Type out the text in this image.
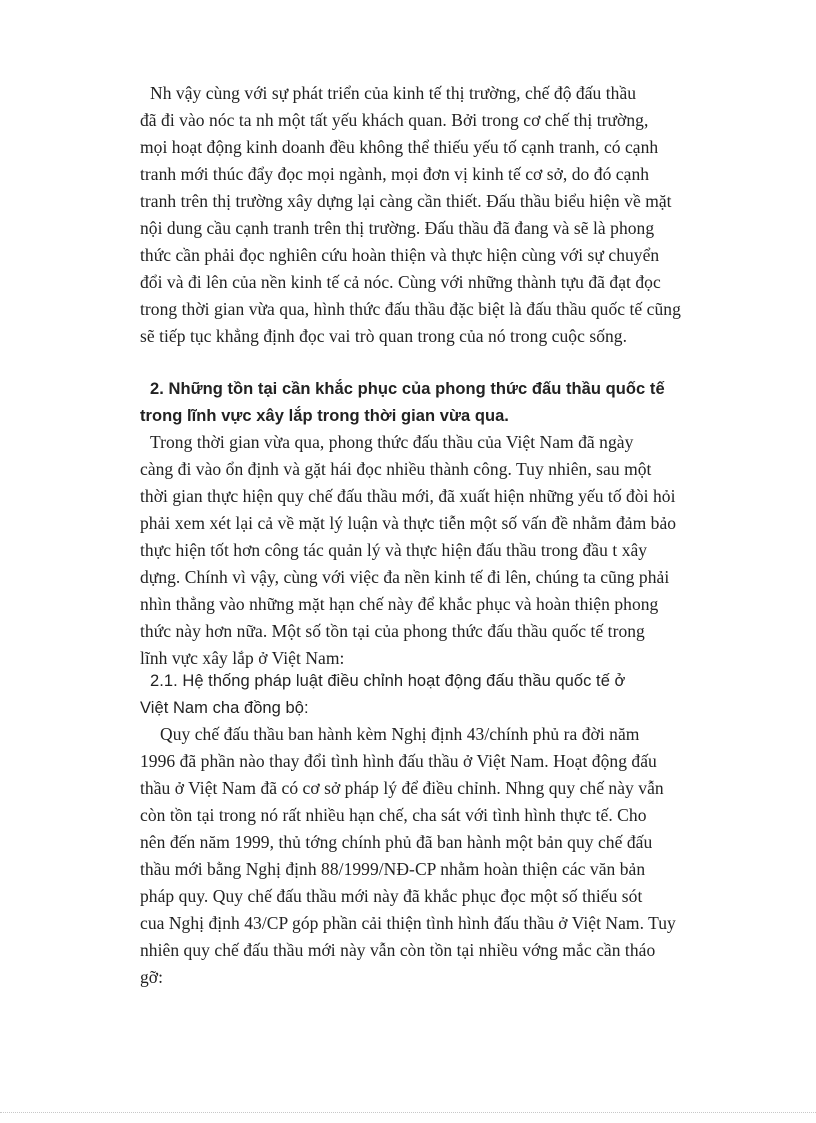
Nh vậy cùng với sự phát triển của kinh tế thị trường, chế độ đấu thầu
đã đi vào nóc ta nh một tất yếu khách quan. Bởi trong cơ chế thị trường,
mọi hoạt động kinh doanh đều không thể thiếu yếu tố cạnh tranh, có cạnh
tranh mới thúc đẩy đọc mọi ngành, mọi đơn vị kinh tế cơ sở, do đó cạnh
tranh trên thị trường xây dựng lại càng cần thiết. Đấu thầu biểu hiện về mặt
nội dung cầu cạnh tranh trên thị trường. Đấu thầu đã đang và sẽ là phong
thức cần phải đọc nghiên cứu hoàn thiện và thực hiện cùng với sự chuyển
đổi và đi lên của nền kinh tế cả nóc. Cùng với những thành tựu đã đạt đọc
trong thời gian vừa qua, hình thức đấu thầu đặc biệt là đấu thầu quốc tế cũng
sẽ tiếp tục khẳng định đọc vai trò quan trong của nó trong cuộc sống.
2. Những tồn tại cần khắc phục của phong thức đấu thầu quốc tế
trong lĩnh vực xây lắp trong thời gian vừa qua.
Trong thời gian vừa qua, phong thức đấu thầu của Việt Nam đã ngày
càng đi vào ổn định và gặt hái đọc nhiều thành công. Tuy nhiên, sau một
thời gian thực hiện quy chế đấu thầu mới, đã xuất hiện những yếu tố đòi hỏi
phải xem xét lại cả về mặt lý luận và thực tiễn một số vấn đề nhằm đảm bảo
thực hiện tốt hơn công tác quản lý và thực hiện đấu thầu trong đầu t xây
dựng. Chính vì vậy, cùng với việc đa nền kinh tế đi lên, chúng ta cũng phải
nhìn thẳng vào những mặt hạn chế này để khắc phục và hoàn thiện phong
thức này hơn nữa. Một số tồn tại của phong thức đấu thầu quốc tế trong
lĩnh vực xây lắp ở Việt Nam:
2.1. Hệ thống pháp luật điều chỉnh hoạt động đấu thầu quốc tế ở
Việt Nam cha đồng bộ:
Quy chế đấu thầu ban hành kèm Nghị định 43/chính phủ ra đời năm
1996 đã phần nào thay đổi tình hình đấu thầu ở Việt Nam. Hoạt động đấu
thầu ở Việt Nam đã có cơ sở pháp lý để điều chỉnh. Nhng quy chế này vẫn
còn tồn tại trong nó rất nhiều hạn chế, cha sát với tình hình thực tế. Cho
nên đến năm 1999, thủ tớng chính phủ đã ban hành một bản quy chế đấu
thầu mới bằng Nghị định 88/1999/NĐ-CP nhằm hoàn thiện các văn bản
pháp quy. Quy chế đấu thầu mới này đã khắc phục đọc một số thiếu sót
cua Nghị định 43/CP góp phần cải thiện tình hình đấu thầu ở Việt Nam. Tuy
nhiên quy chế đấu thầu mới này vẫn còn tồn tại nhiều vớng mắc cần tháo
gỡ:
